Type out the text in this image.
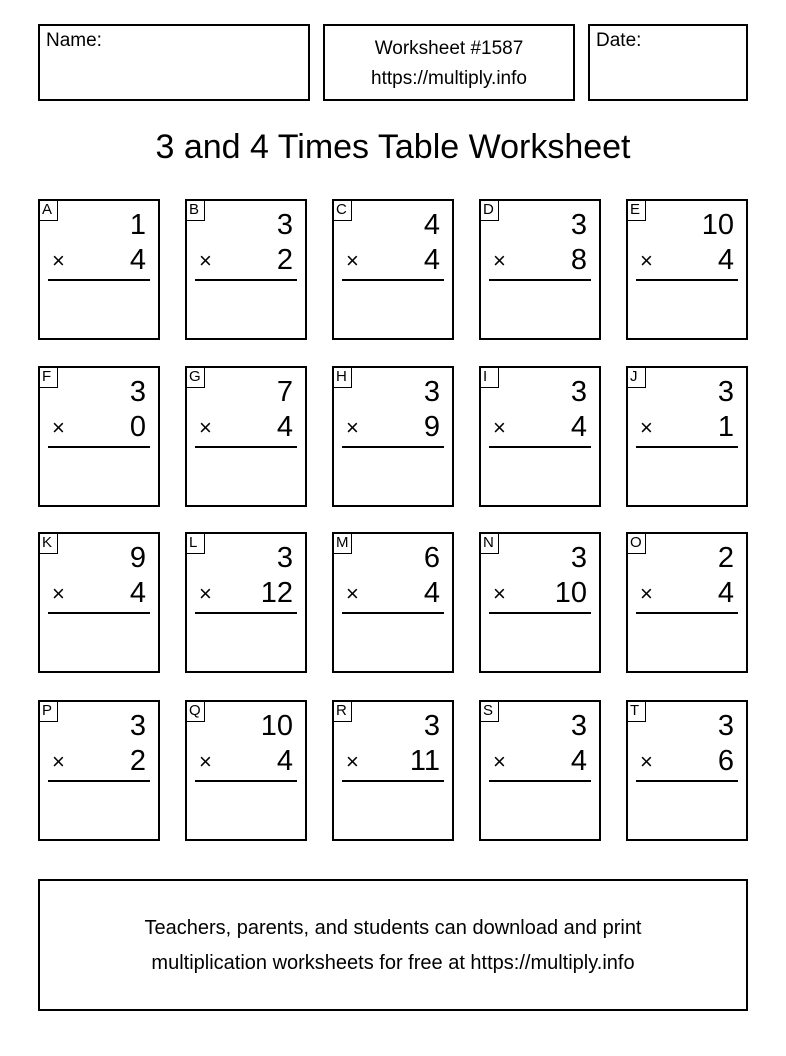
Name:	Worksheet #1587
https://multiply.info
Date:
3 and 4 Times Table Worksheet
A	1
× 4
B	3
× 2
C	4
× 4
D	3
× 8
E 10
× 4
F	3
× 0
G	7
× 4
H	3
× 9
I	3
× 4
J	3
× 1
K	9
× 4
L	3
× 12
M	6
× 4
N	3
× 10
O	2
× 4
P	3
× 2
Q 10
× 4
R	3
× 11
S	3
× 4
T	3
× 6
Teachers, parents, and students can download and print
multiplication worksheets for free at https://multiply.info
